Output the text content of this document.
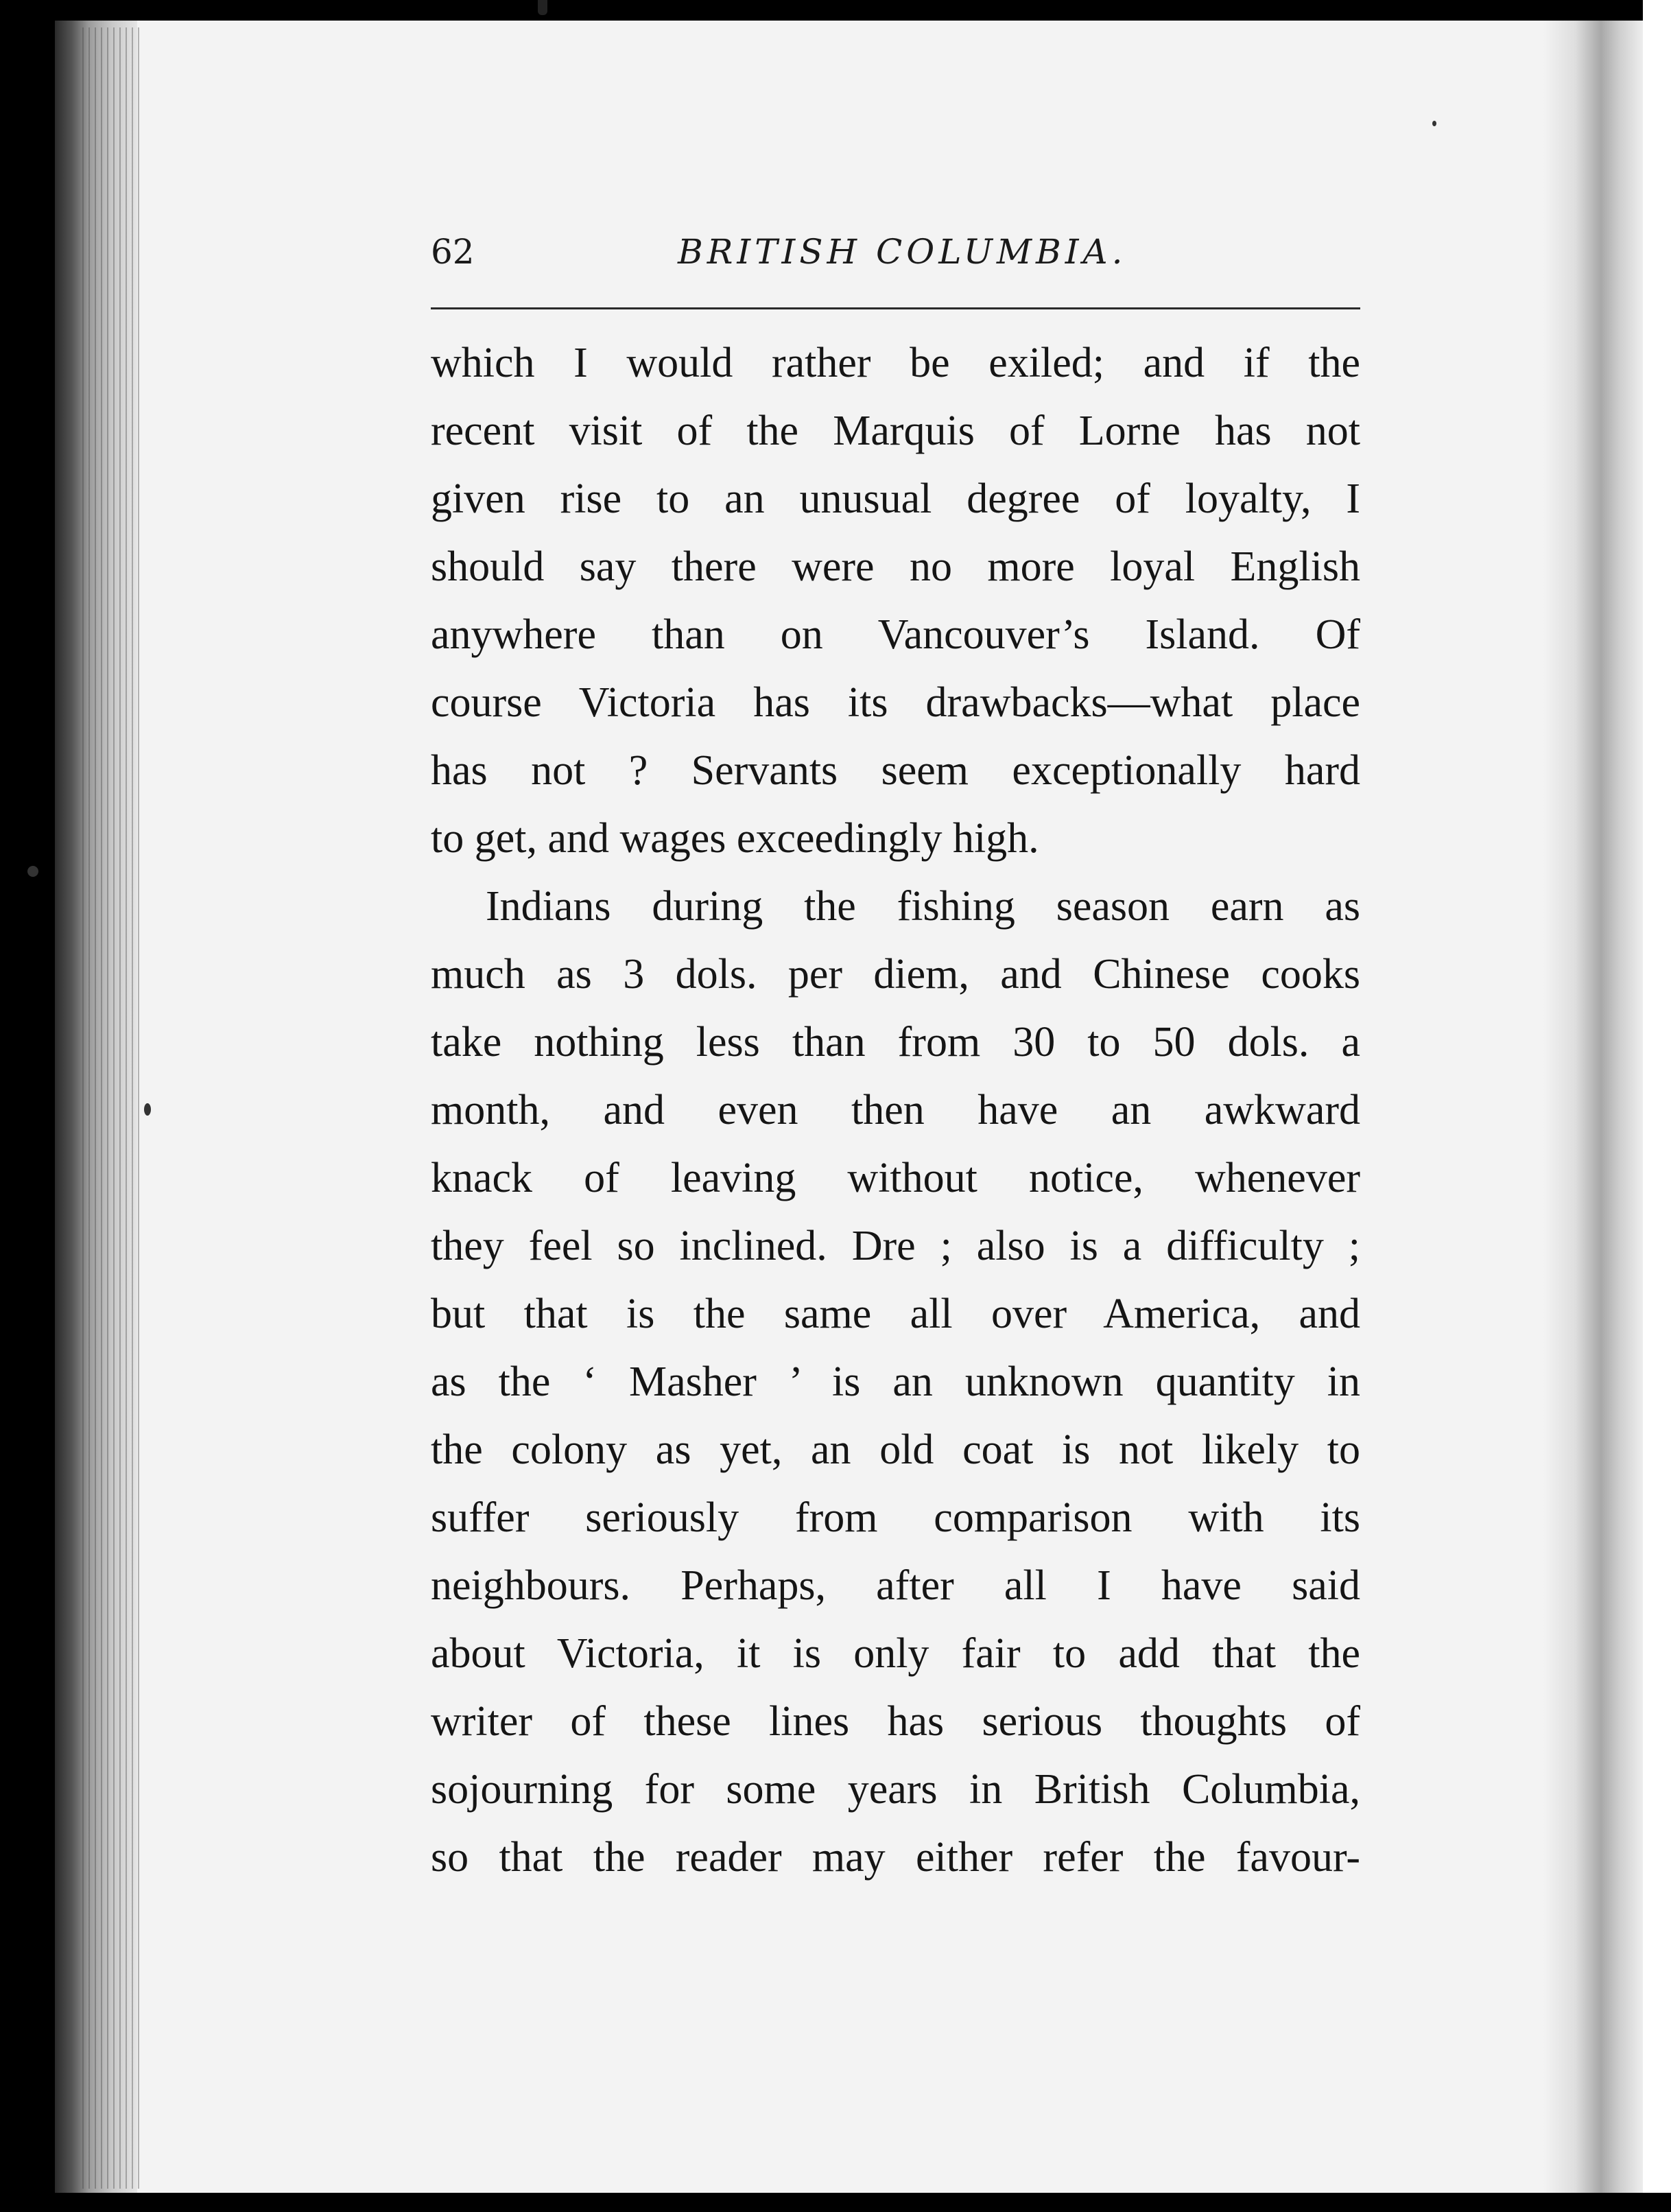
62	BRITISH COLUMBIA.
which I would rather be exiled; and if the
recent visit of the Marquis of Lorne has not
given rise to an unusual degree of loyalty, I
should say there were no more loyal English
anywhere than on Vancouver’s Island. Of
course Victoria has its drawbacks—what place
has not ? Servants seem exceptionally hard
to get, and wages exceedingly high.
Indians during the fishing season earn as
much as 3 dols. per diem, and Chinese cooks
take nothing less than from 30 to 50 dols. a
month, and even then have an awkward
knack of leaving without notice, whenever
they feel so inclined. Dre ; also is a difficulty ;
but that is the same all over America, and
as the ‘ Masher ’ is an unknown quantity in
the colony as yet, an old coat is not likely to
suffer seriously from comparison with its
neighbours. Perhaps, after all I have said
about Victoria, it is only fair to add that the
writer of these lines has serious thoughts of
sojourning for some years in British Columbia,
so that the reader may either refer the favour-
